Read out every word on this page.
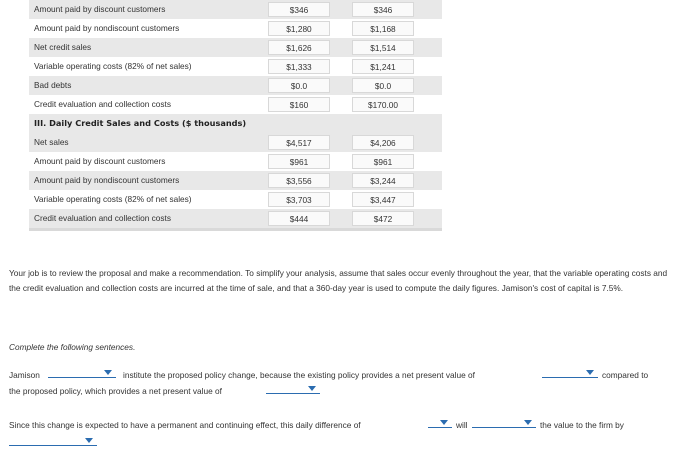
Amount paid by discount customers	$346	$346
Amount paid by nondiscount customers	$1,280	$1,168
Net credit sales	$1,626	$1,514
Variable operating costs (82% of net sales)	$1,333	$1,241
Bad debts	$0.0	$0.0
Credit evaluation and collection costs	$160	$170.00
III. Daily Credit Sales and Costs ($ thousands)
Net sales	$4,517	$4,206
Amount paid by discount customers	$961	$961
Amount paid by nondiscount customers	$3,556	$3,244
Variable operating costs (82% of net sales)	$3,703	$3,447
Credit evaluation and collection costs	$444	$472
Your job is to review the proposal and make a recommendation. To simplify your analysis, assume that sales occur evenly throughout the year, that the variable operating costs and the credit evaluation and collection costs are incurred at the time of sale, and that a 360-day year is used to compute the daily figures. Jamison's cost of capital is 7.5%.
Complete the following sentences.
Jamison	institute the proposed policy change, because the existing policy provides a net present value of	compared to
the proposed policy, which provides a net present value of
Since this change is expected to have a permanent and continuing effect, this daily difference of	will	the value to the firm by
